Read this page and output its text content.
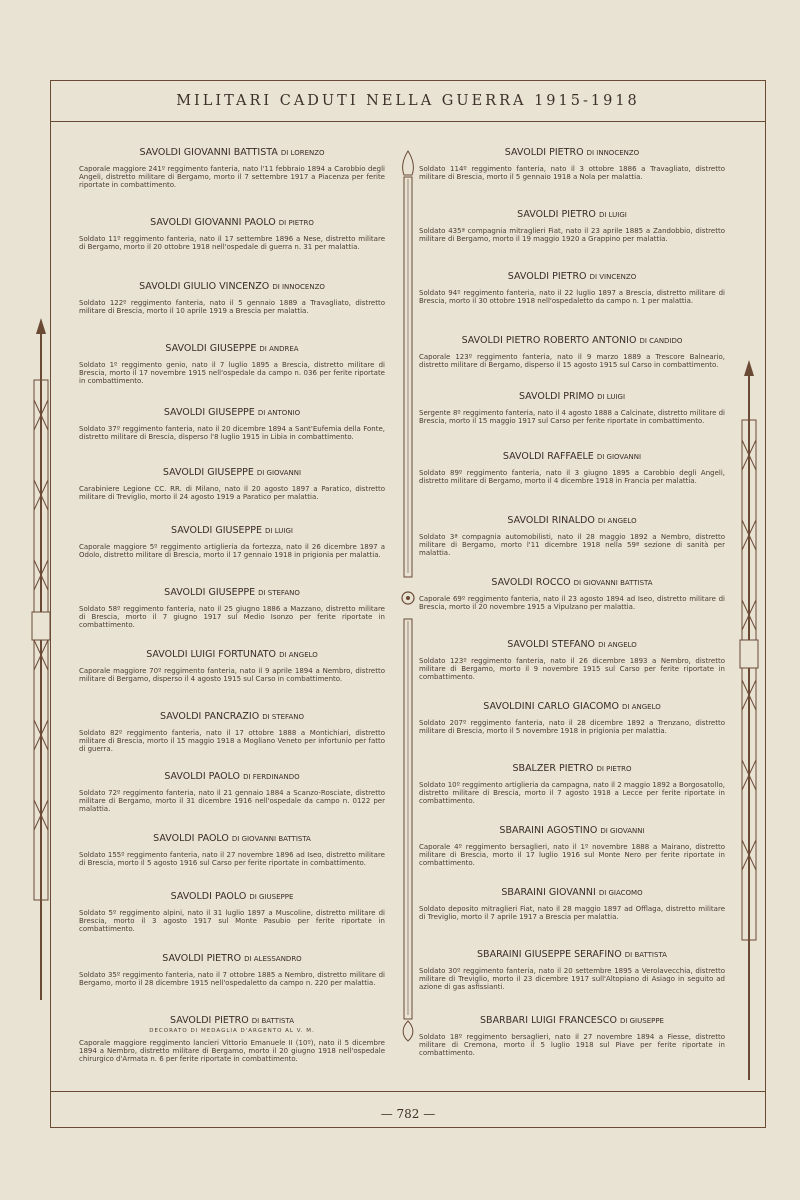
MILITARI CADUTI NELLA GUERRA 1915-1918
SAVOLDI GIOVANNI BATTISTA DI LORENZO
Caporale maggiore 241º reggimento fanteria, nato l'11 febbraio 1894 a Carobbio degli Angeli, distretto militare di Bergamo, morto il 7 settembre 1917 a Piacenza per ferite riportate in combattimento.
SAVOLDI GIOVANNI PAOLO DI PIETRO
Soldato 11º reggimento fanteria, nato il 17 settembre 1896 a Nese, distretto militare di Bergamo, morto il 20 ottobre 1918 nell'ospedale di guerra n. 31 per malattia.
SAVOLDI GIULIO VINCENZO DI INNOCENZO
Soldato 122º reggimento fanteria, nato il 5 gennaio 1889 a Travagliato, distretto militare di Brescia, morto il 10 aprile 1919 a Brescia per malattia.
SAVOLDI GIUSEPPE DI ANDREA
Soldato 1º reggimento genio, nato il 7 luglio 1895 a Brescia, distretto militare di Brescia, morto il 17 novembre 1915 nell'ospedale da campo n. 036 per ferite riportate in combattimento.
SAVOLDI GIUSEPPE DI ANTONIO
Soldato 37º reggimento fanteria, nato il 20 dicembre 1894 a Sant'Eufemia della Fonte, distretto militare di Brescia, disperso l'8 luglio 1915 in Libia in combattimento.
SAVOLDI GIUSEPPE DI GIOVANNI
Carabiniere Legione CC. RR. di Milano, nato il 20 agosto 1897 a Paratico, distretto militare di Treviglio, morto il 24 agosto 1919 a Paratico per malattia.
SAVOLDI GIUSEPPE DI LUIGI
Caporale maggiore 5º reggimento artiglieria da fortezza, nato il 26 dicembre 1897 a Odolo, distretto militare di Brescia, morto il 17 gennaio 1918 in prigionia per malattia.
SAVOLDI GIUSEPPE DI STEFANO
Soldato 58º reggimento fanteria, nato il 25 giugno 1886 a Mazzano, distretto militare di Brescia, morto il 7 giugno 1917 sul Medio Isonzo per ferite riportate in combattimento.
SAVOLDI LUIGI FORTUNATO DI ANGELO
Caporale maggiore 70º reggimento fanteria, nato il 9 aprile 1894 a Nembro, distretto militare di Bergamo, disperso il 4 agosto 1915 sul Carso in combattimento.
SAVOLDI PANCRAZIO DI STEFANO
Soldato 82º reggimento fanteria, nato il 17 ottobre 1888 a Montichiari, distretto militare di Brescia, morto il 15 maggio 1918 a Mogliano Veneto per infortunio per fatto di guerra.
SAVOLDI PAOLO DI FERDINANDO
Soldato 72º reggimento fanteria, nato il 21 gennaio 1884 a Scanzo-Rosciate, distretto militare di Bergamo, morto il 31 dicembre 1916 nell'ospedale da campo n. 0122 per malattia.
SAVOLDI PAOLO DI GIOVANNI BATTISTA
Soldato 155º reggimento fanteria, nato il 27 novembre 1896 ad Iseo, distretto militare di Brescia, morto il 5 agosto 1916 sul Carso per ferite riportate in combattimento.
SAVOLDI PAOLO DI GIUSEPPE
Soldato 5º reggimento alpini, nato il 31 luglio 1897 a Muscoline, distretto militare di Brescia, morto il 3 agosto 1917 sul Monte Pasubio per ferite riportate in combattimento.
SAVOLDI PIETRO DI ALESSANDRO
Soldato 35º reggimento fanteria, nato il 7 ottobre 1885 a Nembro, distretto militare di Bergamo, morto il 28 dicembre 1915 nell'ospedaletto da campo n. 220 per malattia.
SAVOLDI PIETRO DI BATTISTA
DECORATO DI MEDAGLIA D'ARGENTO AL V. M.
Caporale maggiore reggimento lancieri Vittorio Emanuele II (10º), nato il 5 dicembre 1894 a Nembro, distretto militare di Bergamo, morto il 20 giugno 1918 nell'ospedale chirurgico d'Armata n. 6 per ferite riportate in combattimento.
SAVOLDI PIETRO DI INNOCENZO
Soldato 114º reggimento fanteria, nato il 3 ottobre 1886 a Travagliato, distretto militare di Brescia, morto il 5 gennaio 1918 a Nola per malattia.
SAVOLDI PIETRO DI LUIGI
Soldato 435ª compagnia mitraglieri Fiat, nato il 23 aprile 1885 a Zandobbio, distretto militare di Bergamo, morto il 19 maggio 1920 a Grappino per malattia.
SAVOLDI PIETRO DI VINCENZO
Soldato 94º reggimento fanteria, nato il 22 luglio 1897 a Brescia, distretto militare di Brescia, morto il 30 ottobre 1918 nell'ospedaletto da campo n. 1 per malattia.
SAVOLDI PIETRO ROBERTO ANTONIO DI CANDIDO
Caporale 123º reggimento fanteria, nato il 9 marzo 1889 a Trescore Balneario, distretto militare di Bergamo, disperso il 15 agosto 1915 sul Carso in combattimento.
SAVOLDI PRIMO DI LUIGI
Sergente 8º reggimento fanteria, nato il 4 agosto 1888 a Calcinate, distretto militare di Brescia, morto il 15 maggio 1917 sul Carso per ferite riportate in combattimento.
SAVOLDI RAFFAELE DI GIOVANNI
Soldato 89º reggimento fanteria, nato il 3 giugno 1895 a Carobbio degli Angeli, distretto militare di Bergamo, morto il 4 dicembre 1918 in Francia per malattia.
SAVOLDI RINALDO DI ANGELO
Soldato 3ª compagnia automobilisti, nato il 28 maggio 1892 a Nembro, distretto militare di Bergamo, morto l'11 dicembre 1918 nella 59ª sezione di sanità per malattia.
SAVOLDI ROCCO DI GIOVANNI BATTISTA
Caporale 69º reggimento fanteria, nato il 23 agosto 1894 ad Iseo, distretto militare di Brescia, morto il 20 novembre 1915 a Vipulzano per malattia.
SAVOLDI STEFANO DI ANGELO
Soldato 123º reggimento fanteria, nato il 26 dicembre 1893 a Nembro, distretto militare di Bergamo, morto il 9 novembre 1915 sul Carso per ferite riportate in combattimento.
SAVOLDINI CARLO GIACOMO DI ANGELO
Soldato 207º reggimento fanteria, nato il 28 dicembre 1892 a Trenzano, distretto militare di Brescia, morto il 5 novembre 1918 in prigionia per malattia.
SBALZER PIETRO DI PIETRO
Soldato 10º reggimento artiglieria da campagna, nato il 2 maggio 1892 a Borgosatollo, distretto militare di Brescia, morto il 7 agosto 1918 a Lecce per ferite riportate in combattimento.
SBARAINI AGOSTINO DI GIOVANNI
Caporale 4º reggimento bersaglieri, nato il 1º novembre 1888 a Mairano, distretto militare di Brescia, morto il 17 luglio 1916 sul Monte Nero per ferite riportate in combattimento.
SBARAINI GIOVANNI DI GIACOMO
Soldato deposito mitraglieri Fiat, nato il 28 maggio 1897 ad Offlaga, distretto militare di Treviglio, morto il 7 aprile 1917 a Brescia per malattia.
SBARAINI GIUSEPPE SERAFINO DI BATTISTA
Soldato 30º reggimento fanteria, nato il 20 settembre 1895 a Verolavecchia, distretto militare di Treviglio, morto il 23 dicembre 1917 sull'Altopiano di Asiago in seguito ad azione di gas asfissianti.
SBARBARI LUIGI FRANCESCO DI GIUSEPPE
Soldato 18º reggimento bersaglieri, nato il 27 novembre 1894 a Fiesse, distretto militare di Cremona, morto il 5 luglio 1918 sul Piave per ferite riportate in combattimento.
— 782 —
